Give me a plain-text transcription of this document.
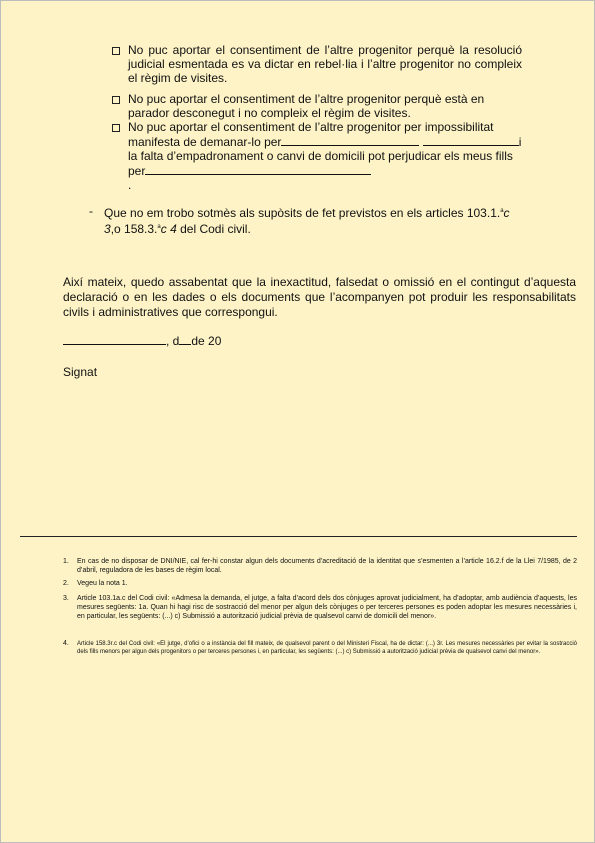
No puc aportar el consentiment de l’altre progenitor perquè la resolució judicial esmentada es va dictar en rebel·lia i l’altre progenitor no compleix el règim de visites.
No puc aportar el consentiment de l’altre progenitor perquè està en parador desconegut i no compleix el règim de visites.
No puc aportar el consentiment de l’altre progenitor per impossibilitat manifesta de demanar-lo per	i la falta d’empadronament o canvi de domicili pot perjudicar els meus fills per
.
- Que no em trobo sotmès als supòsits de fet previstos en els articles 103.1.$^a$c 3,o 158.3.$^a$c 4 del Codi civil.
Així mateix, quedo assabentat que la inexactitud, falsedat o omissió en el contingut d’aquesta declaració o en les dades o els documents que l’acompanyen pot produir les responsabilitats civils i administratives que correspongui.
, d de 20
Signat
1.	En cas de no disposar de DNI/NIE, cal fer-hi constar algun dels documents d’acreditació de la identitat que s’esmenten a l’article 16.2.f de la Llei 7/1985, de 2 d’abril, reguladora de les bases de règim local.
2.	Vegeu la nota 1.
3.	Article 103.1a.c del Codi civil: «Admesa la demanda, el jutge, a falta d’acord dels dos cònjuges aprovat judicialment, ha d’adoptar, amb audiència d’aquests, les mesures següents: 1a. Quan hi hagi risc de sostracció del menor per algun dels cònjuges o per terceres persones es poden adoptar les mesures necessàries i, en particular, les següents: (...) c) Submissió a autorització judicial prèvia de qualsevol canvi de domicili del menor».
4.	Article 158.3r.c del Codi civil: «El jutge, d’ofici o a instància del fill mateix, de qualsevol parent o del Ministeri Fiscal, ha de dictar: (...) 3r. Les mesures necessàries per evitar la sostracció dels fills menors per algun dels progenitors o per terceres persones i, en particular, les següents: (...) c) Submissió a autorització judicial prèvia de qualsevol canvi del menor».
